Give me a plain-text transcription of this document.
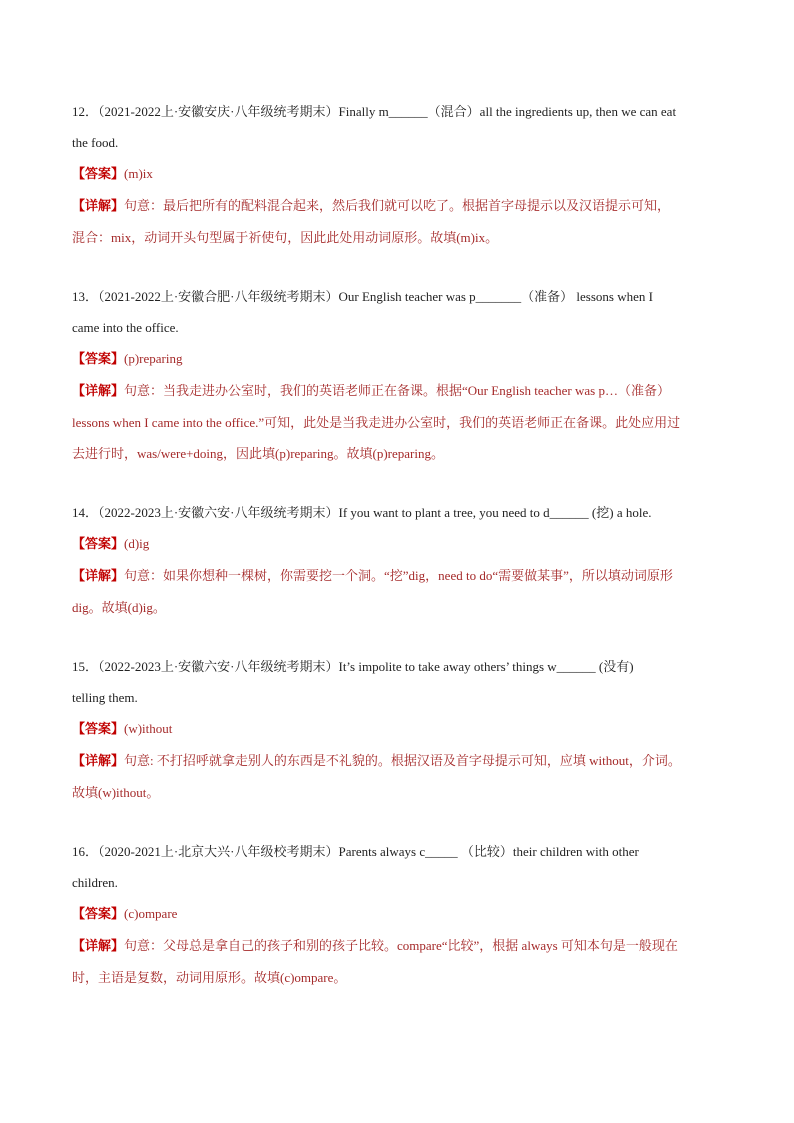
12．（2021-2022上·安徽安庆·八年级统考期末）Finally m______（混合）all the ingredients up, then we can eat
the food.
【答案】(m)ix
【详解】句意：最后把所有的配料混合起来，然后我们就可以吃了。根据首字母提示以及汉语提示可知，
混合：mix，动词开头句型属于祈使句，因此此处用动词原形。故填(m)ix。
13．（2021-2022上·安徽合肥·八年级统考期末）Our English teacher was p_______（准备） lessons when I
came into the office.
【答案】(p)reparing
【详解】句意：当我走进办公室时，我们的英语老师正在备课。根据“Our English teacher was p…（准备）
lessons when I came into the office.”可知，此处是当我走进办公室时，我们的英语老师正在备课。此处应用过
去进行时，was/were+doing，因此填(p)reparing。故填(p)reparing。
14．（2022-2023上·安徽六安·八年级统考期末）If you want to plant a tree, you need to d______ (挖) a hole.
【答案】(d)ig
【详解】句意：如果你想种一棵树，你需要挖一个洞。“挖”dig，need to do“需要做某事”，所以填动词原形
dig。故填(d)ig。
15．（2022-2023上·安徽六安·八年级统考期末）It’s impolite to take away others’ things w______ (没有)
telling them.
【答案】(w)ithout
【详解】句意: 不打招呼就拿走别人的东西是不礼貌的。根据汉语及首字母提示可知，应填 without，介词。
故填(w)ithout。
16．（2020-2021上·北京大兴·八年级校考期末）Parents always c_____ （比较）their children with other
children.
【答案】(c)ompare
【详解】句意：父母总是拿自己的孩子和别的孩子比较。compare“比较”，根据 always 可知本句是一般现在
时，主语是复数，动词用原形。故填(c)ompare。
